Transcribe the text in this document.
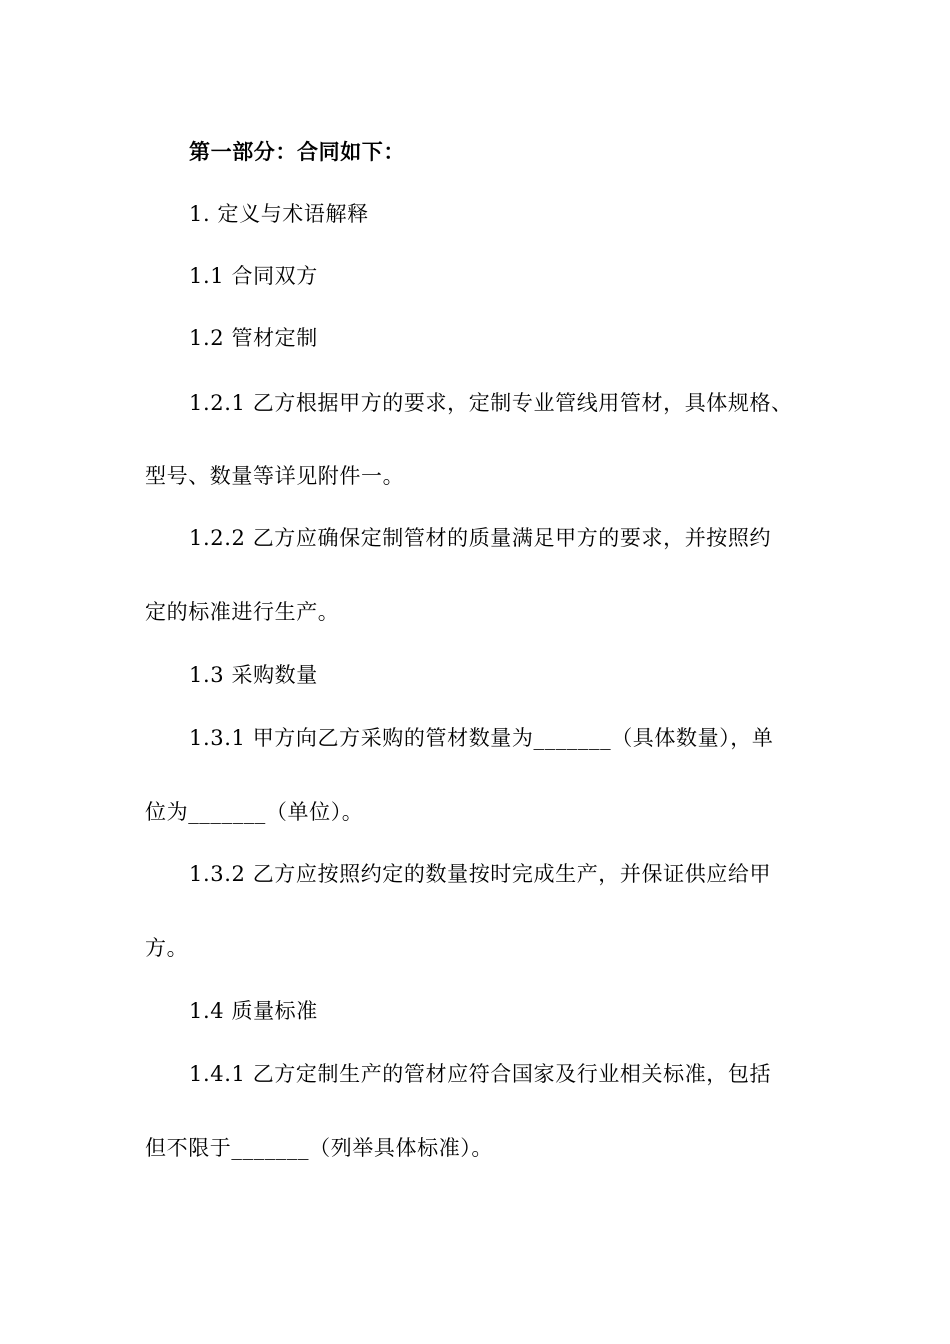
第一部分：合同如下：
1. 定义与术语解释
1.1 合同双方
1.2 管材定制
1.2.1 乙方根据甲方的要求，定制专业管线用管材，具体规格、
型号、数量等详见附件一。
1.2.2 乙方应确保定制管材的质量满足甲方的要求，并按照约
定的标准进行生产。
1.3 采购数量
1.3.1 甲方向乙方采购的管材数量为_______（具体数量），单
位为_______（单位）。
1.3.2 乙方应按照约定的数量按时完成生产，并保证供应给甲
方。
1.4 质量标准
1.4.1 乙方定制生产的管材应符合国家及行业相关标准，包括
但不限于_______（列举具体标准）。
